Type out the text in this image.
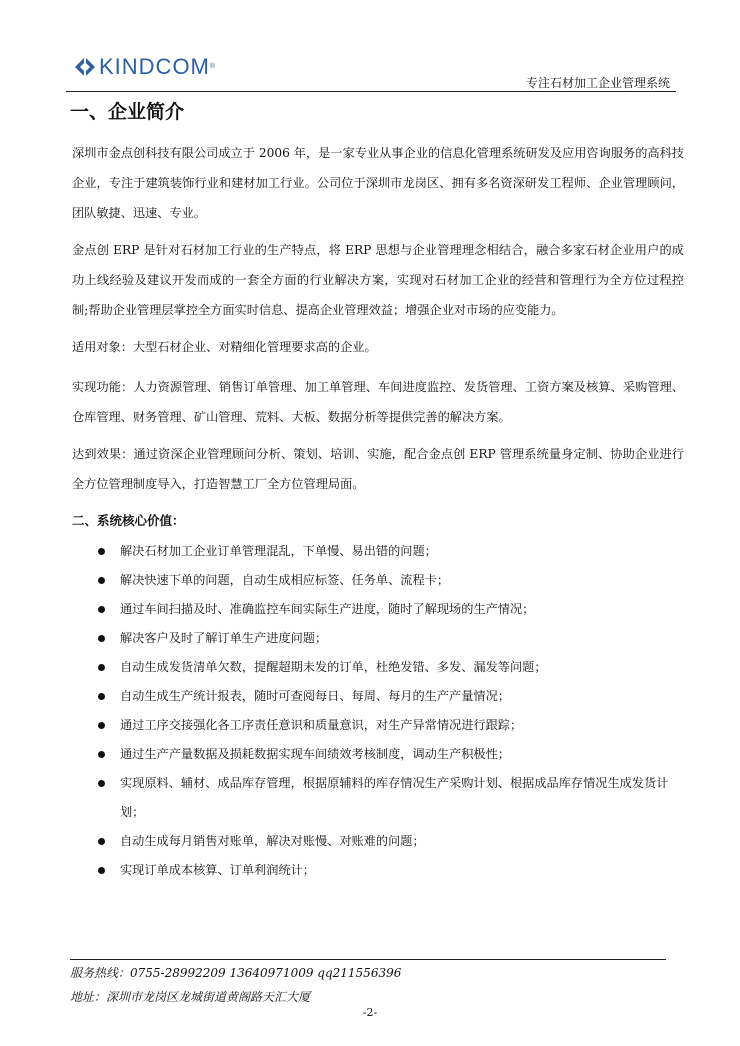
KINDCOM®
专注石材加工企业管理系统
一、企业简介

深圳市金点创科技有限公司成立于 2006 年，是一家专业从事企业的信息化管理系统研发及应用咨询服务的高科技企业，专注于建筑装饰行业和建材加工行业。公司位于深圳市龙岗区、拥有多名资深研发工程师、企业管理顾问，团队敏捷、迅速、专业。

金点创 ERP 是针对石材加工行业的生产特点，将 ERP 思想与企业管理理念相结合，融合多家石材企业用户的成功上线经验及建议开发而成的一套全方面的行业解决方案，实现对石材加工企业的经营和管理行为全方位过程控制;帮助企业管理层掌控全方面实时信息、提高企业管理效益；增强企业对市场的应变能力。

适用对象：大型石材企业、对精细化管理要求高的企业。

实现功能：人力资源管理、销售订单管理、加工单管理、车间进度监控、发货管理、工资方案及核算、采购管理、仓库管理、财务管理、矿山管理、荒料、大板、数据分析等提供完善的解决方案。

达到效果：通过资深企业管理顾问分析、策划、培训、实施，配合金点创 ERP 管理系统量身定制、协助企业进行全方位管理制度导入，打造智慧工厂全方位管理局面。

二、系统核心价值：
解决石材加工企业订单管理混乱，下单慢、易出错的问题；
解决快速下单的问题，自动生成相应标签、任务单、流程卡；
通过车间扫描及时、准确监控车间实际生产进度，随时了解现场的生产情况；
解决客户及时了解订单生产进度问题；
自动生成发货清单欠数，提醒超期未发的订单，杜绝发错、多发、漏发等问题；
自动生成生产统计报表，随时可查阅每日、每周、每月的生产产量情况；
通过工序交接强化各工序责任意识和质量意识，对生产异常情况进行跟踪；
通过生产产量数据及损耗数据实现车间绩效考核制度，调动生产积极性；
实现原料、辅材、成品库存管理，根据原辅料的库存情况生产采购计划、根据成品库存情况生成发货计划；
自动生成每月销售对账单，解决对账慢、对账难的问题；
实现订单成本核算、订单利润统计；
服务热线：0755-28992209 13640971009 qq211556396
地址：深圳市龙岗区龙城街道黄阁路天汇大厦
-2-
